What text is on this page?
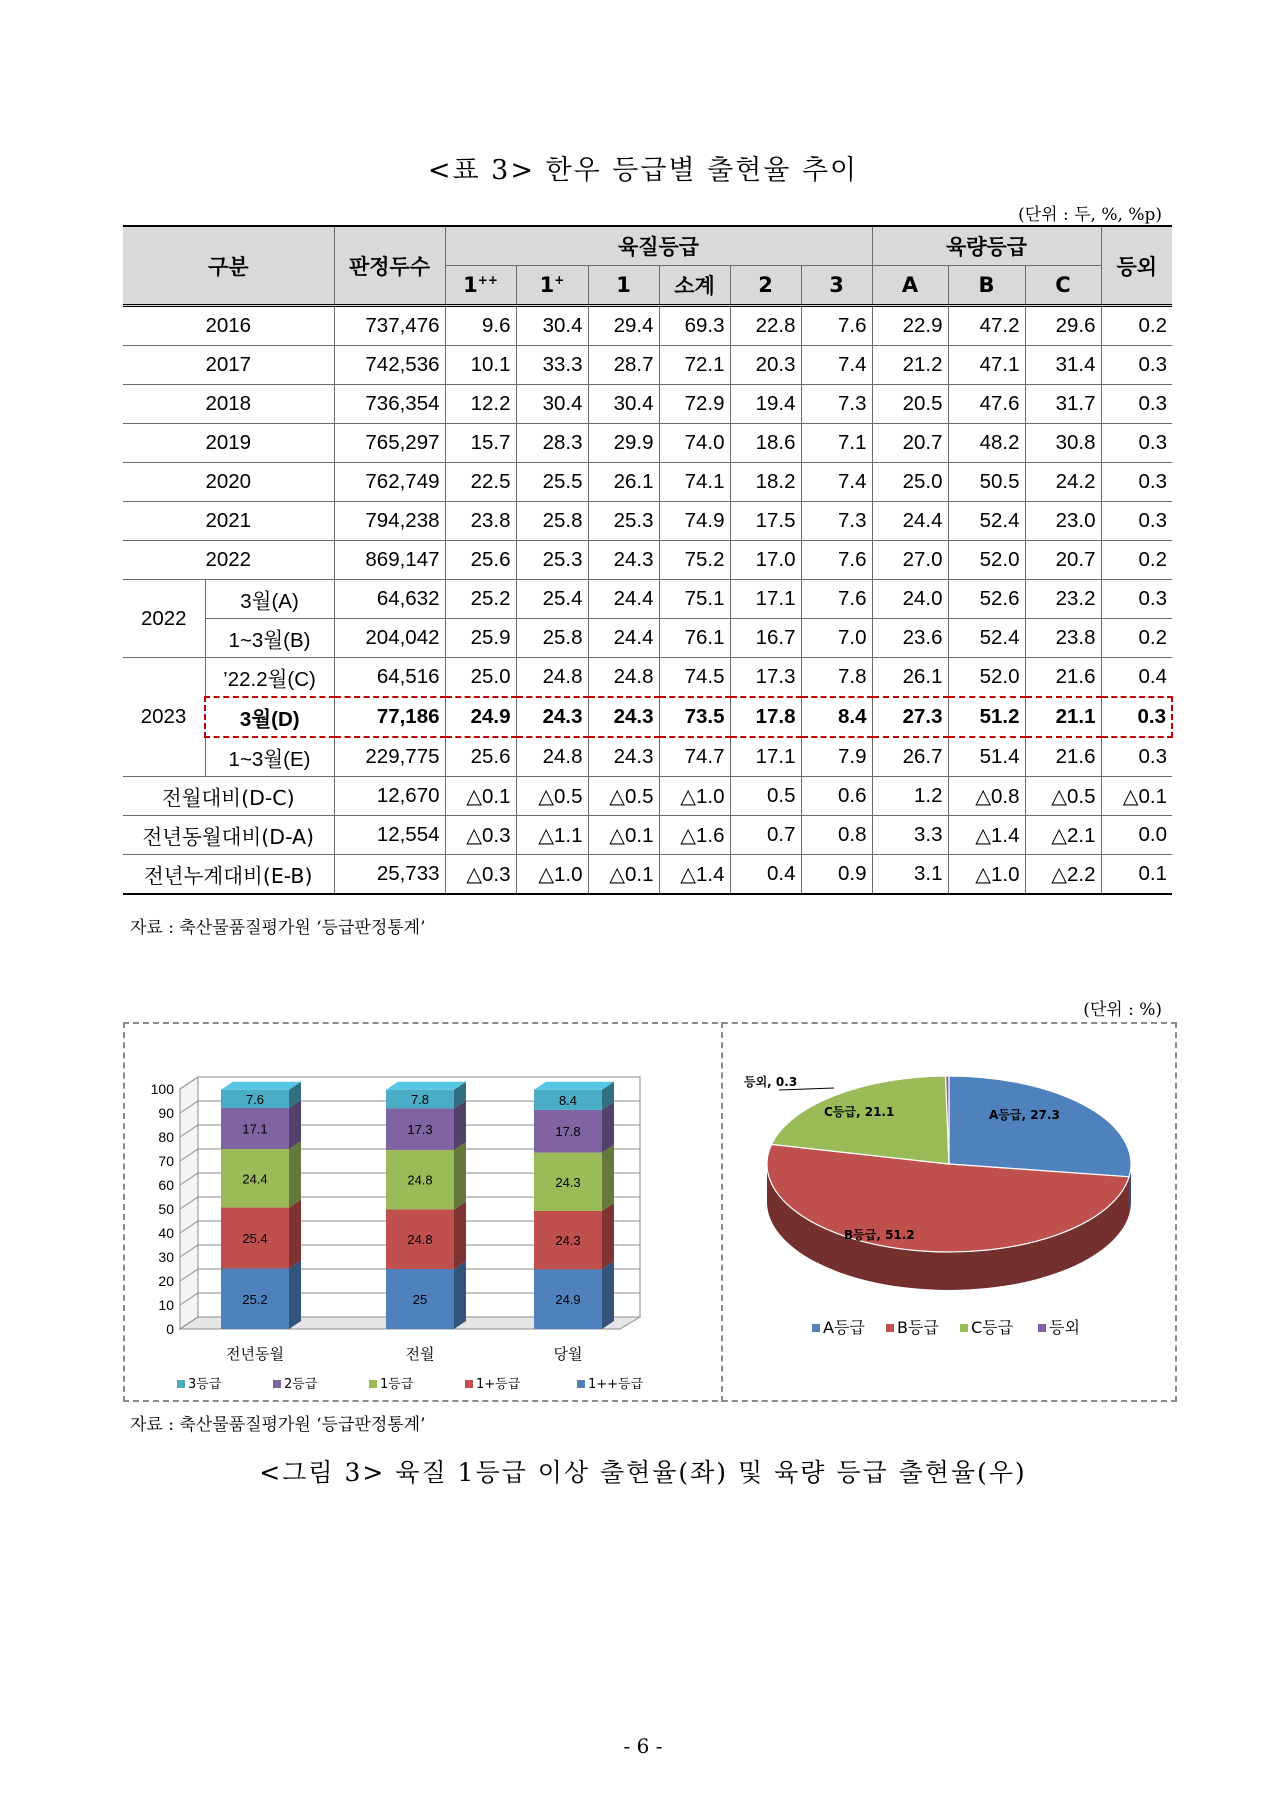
<표 3> 한우 등급별 출현율 추이
(단위 : 두, %, %p)
구분		판정두수	육질등급						육량등급			등외
			1++	1+	1	소계	2	3	A	B	C	
2016		737,476	9.6	30.4	29.4	69.3	22.8	7.6	22.9	47.2	29.6	0.2
2017		742,536	10.1	33.3	28.7	72.1	20.3	7.4	21.2	47.1	31.4	0.3
2018		736,354	12.2	30.4	30.4	72.9	19.4	7.3	20.5	47.6	31.7	0.3
2019		765,297	15.7	28.3	29.9	74.0	18.6	7.1	20.7	48.2	30.8	0.3
2020		762,749	22.5	25.5	26.1	74.1	18.2	7.4	25.0	50.5	24.2	0.3
2021		794,238	23.8	25.8	25.3	74.9	17.5	7.3	24.4	52.4	23.0	0.3
2022		869,147	25.6	25.3	24.3	75.2	17.0	7.6	27.0	52.0	20.7	0.2
2022	3월(A)	64,632	25.2	25.4	24.4	75.1	17.1	7.6	24.0	52.6	23.2	0.3
	1~3월(B)	204,042	25.9	25.8	24.4	76.1	16.7	7.0	23.6	52.4	23.8	0.2
2023	’22.2월(C)	64,516	25.0	24.8	24.8	74.5	17.3	7.8	26.1	52.0	21.6	0.4
	3월(D)	77,186	24.9	24.3	24.3	73.5	17.8	8.4	27.3	51.2	21.1	0.3
	1~3월(E)	229,775	25.6	24.8	24.3	74.7	17.1	7.9	26.7	51.4	21.6	0.3
전월대비(D-C)		12,670	△0.1	△0.5	△0.5	△1.0	0.5	0.6	1.2	△0.8	△0.5	△0.1
전년동월대비(D-A)		12,554	△0.3	△1.1	△0.1	△1.6	0.7	0.8	3.3	△1.4	△2.1	0.0
전년누계대비(E-B)		25,733	△0.3	△1.0	△0.1	△1.4	0.4	0.9	3.1	△1.0	△2.2	0.1
자료 : 축산물품질평가원 ‘등급판정통계’
(단위 : %)
0
10
20
30
40
50
60
70
80
90
100
25.2
25.4
24.4
17.1
7.6
전년동월
25
24.8
24.8
17.3
7.8
전월
24.9
24.3
24.3
17.8
8.4
당월
3등급	2등급	1등급	1+등급	1++등급
A등급, 27.3
B등급, 51.2
C등급, 21.1
등외, 0.3
A등급 B등급 C등급 등외
자료 : 축산물품질평가원 ‘등급판정통계’
<그림 3> 육질 1등급 이상 출현율(좌) 및 육량 등급 출현율(우)
- 6 -
